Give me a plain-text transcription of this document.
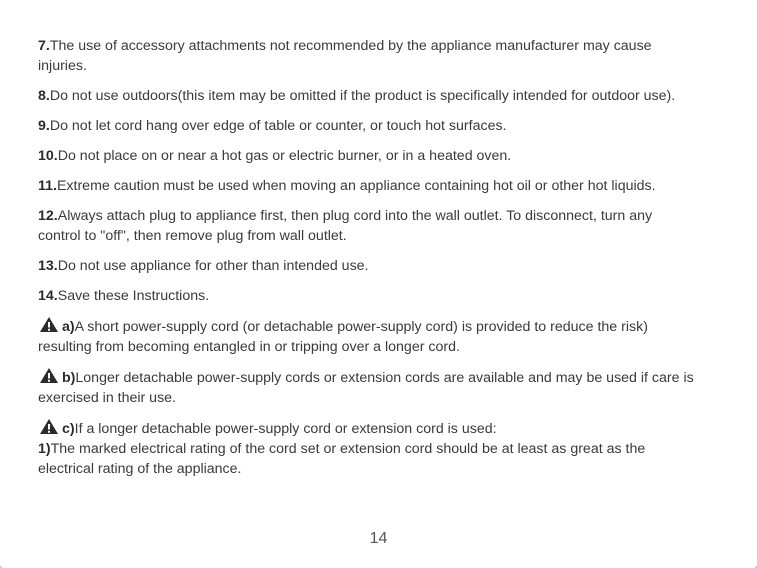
7.The use of accessory attachments not recommended by the appliance manufacturer may cause injuries.

8.Do not use outdoors(this item may be omitted if the product is specifically intended for outdoor use).

9.Do not let cord hang over edge of table or counter, or touch hot surfaces.

10.Do not place on or near a hot gas or electric burner, or in a heated oven.

11.Extreme caution must be used when moving an appliance containing hot oil or other hot liquids.

12.Always attach plug to appliance first, then plug cord into the wall outlet. To disconnect, turn any control to "off", then remove plug from wall outlet.

13.Do not use appliance for other than intended use.

14.Save these Instructions.

a)A short power-supply cord (or detachable power-supply cord) is provided to reduce the risk) resulting from becoming entangled in or tripping over a longer cord.

b)Longer detachable power-supply cords or extension cords are available and may be used if care is exercised in their use.

c)If a longer detachable power-supply cord or extension cord is used:

1)The marked electrical rating of the cord set or extension cord should be at least as great as the electrical rating of the appliance.

14
